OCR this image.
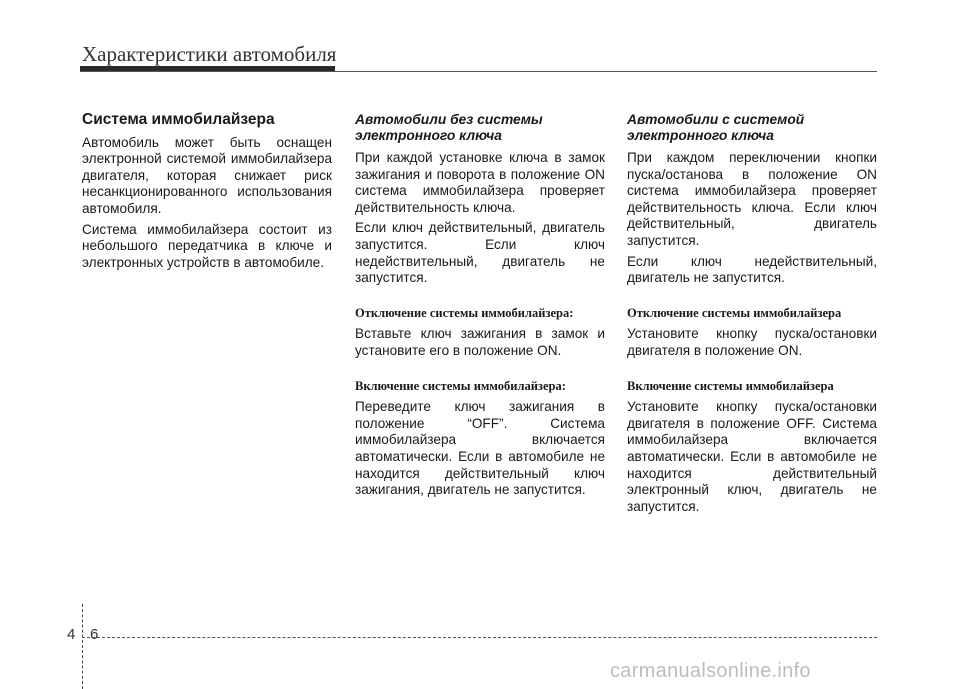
Характеристики автомобиля
Система иммобилайзера
Автомобиль может быть оснащен электронной системой иммобилайзера двигателя, которая снижает риск несанкционированного использования автомобиля.
Система иммобилайзера состоит из небольшого передатчика в ключе и электронных устройств в автомобиле.
Автомобили без системы электронного ключа
При каждой установке ключа в замок зажигания и поворота в положение ON система иммобилайзера проверяет действительность ключа.
Если ключ действительный, двигатель запустится. Если ключ недействительный, двигатель не запустится.
Отключение системы иммобилайзера:
Вставьте ключ зажигания в замок и установите его в положение ON.
Включение системы иммобилайзера:
Переведите ключ зажигания в положение “OFF”. Система иммобилайзера включается автоматически. Если в автомобиле не находится действительный ключ зажигания, двигатель не запустится.
Автомобили с системой электронного ключа
При каждом переключении кнопки пуска/останова в положение ON система иммобилайзера проверяет действительность ключа. Если ключ действительный, двигатель запустится.
Если ключ недействительный, двигатель не запустится.
Отключение системы иммобилайзера
Установите кнопку пуска/остановки двигателя в положение ON.
Включение системы иммобилайзера
Установите кнопку пуска/остановки двигателя в положение OFF. Система иммобилайзера включается автоматически. Если в автомобиле не находится действительный электронный ключ, двигатель не запустится.
4 6
carmanualsonline.info
